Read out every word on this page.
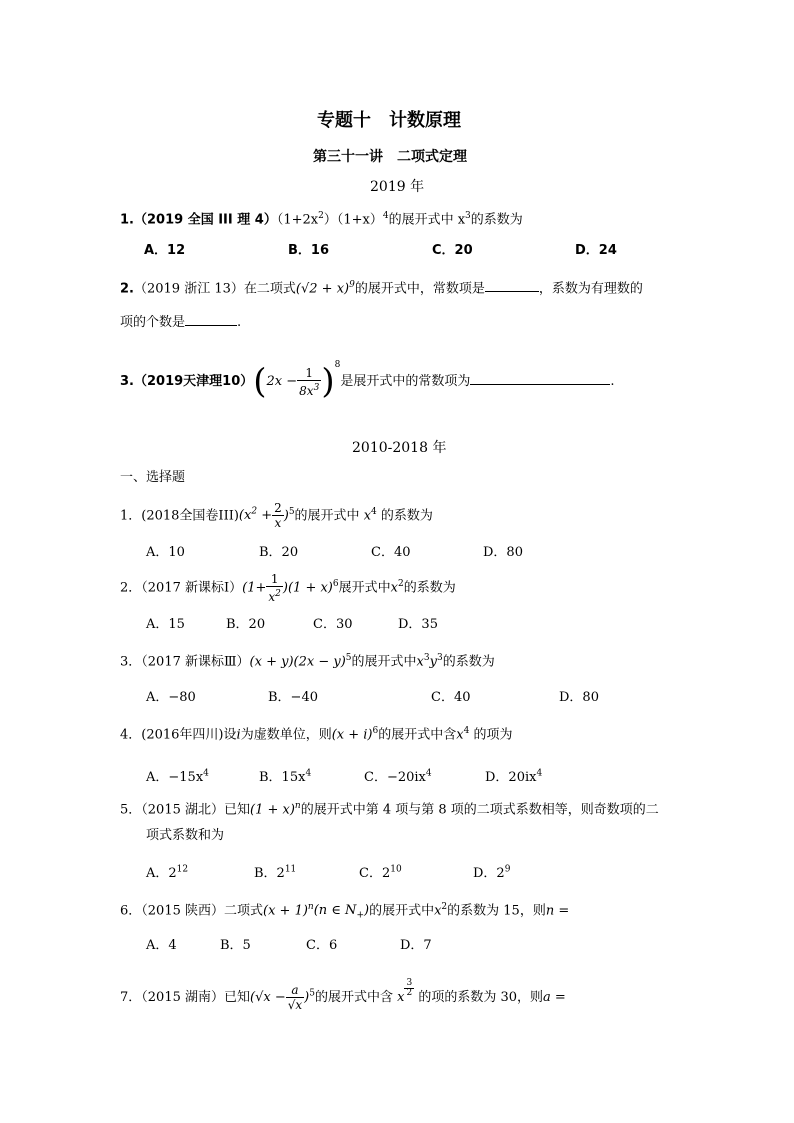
专题十　计数原理
第三十一讲　二项式定理
2019 年
1.（2019 全国 III 理 $4)(1+2x^2)(1+x)^4$的展开式中 $x^3$的系数为
A．12	B．16	C．20	D．24
2.（2019 浙江 13）在二项式$(√2 + x)^9$的展开式中，常数项是	，系数为有理数的
项的个数是	.
3.（2019天津理$10)(2x - \frac{1}{8x^3} )^8$是展开式中的常数项为	.
2010-2018 年
一、选择题
1．(2018全国卷$III)(x^2 + \frac{2}{x} )^5$的展开式中 $x^4$ 的系数为
A．10	B．20	C．40	D．80
2．（2017 新课标Ⅰ）(1+ $\frac{1}{x^2} )(1 + x)^6$展开式中$x^2$的系数为
A．15	B．20	C．30	D．35
3．（2017 新课标Ⅲ）(x + $y)(2x - y)^5$的展开式中$x^3y^3$的系数为
A．−80	B．−40	C．40	D．80
4．(2016年四川)设i为虚数单位，则$(x + i)^6$的展开式中含$x^4$ 的项为
A．$-15x^4$	B．$15x^4$	C．$-20ix^4$	D．$20ix^4$
5．（2015 湖北）已知$(1 + x)^n$的展开式中第 4 项与第 8 项的二项式系数相等，则奇数项的二
项式系数和为
A．$2^{12}$	B．$2^{11}$	C．$2^{10}$	D．$2^9$
6．（2015 陕西）二项式$(x + 1)^n(n$ ∈ $N_+$)的展开式中$x^2$的系数为 15，则n =
A．4	B．5	C．6	D．7
7．（2015 湖南）已知$(√x - \frac{a}{√x} )^5$的展开式中含 x $^{\frac{3}{2}}$ 的项的系数为 30，则a =
